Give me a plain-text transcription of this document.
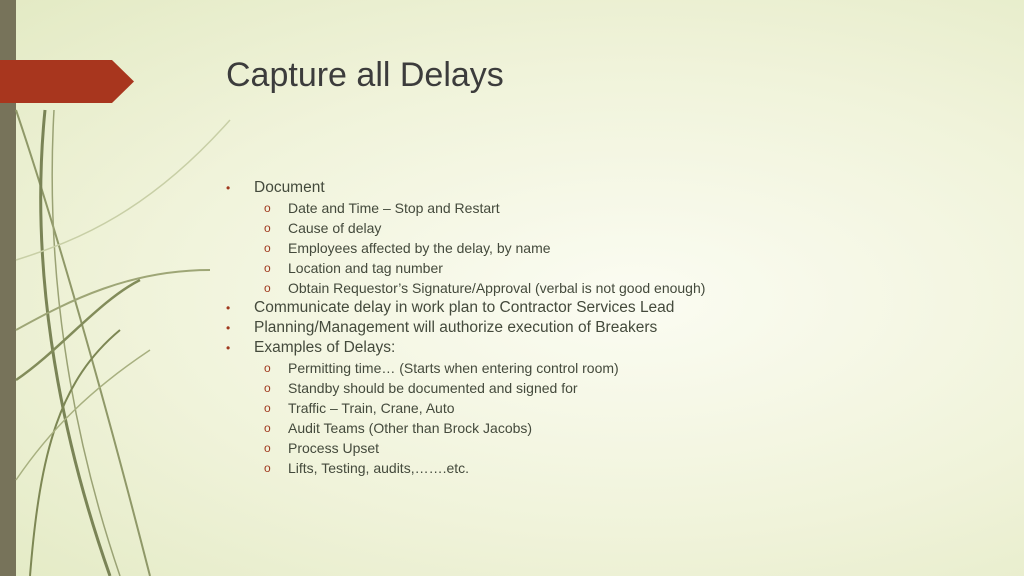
Capture all Delays
• Document
o Date and Time – Stop and Restart
o Cause of delay
o Employees affected by the delay, by name
o Location and tag number
o Obtain Requestor’s Signature/Approval (verbal is not good enough)
• Communicate delay in work plan to Contractor Services Lead
• Planning/Management will authorize execution of Breakers
• Examples of Delays:
o Permitting time… (Starts when entering control room)
o Standby should be documented and signed for
o Traffic – Train, Crane, Auto
o Audit Teams (Other than Brock Jacobs)
o Process Upset
o Lifts, Testing, audits,…….etc.
